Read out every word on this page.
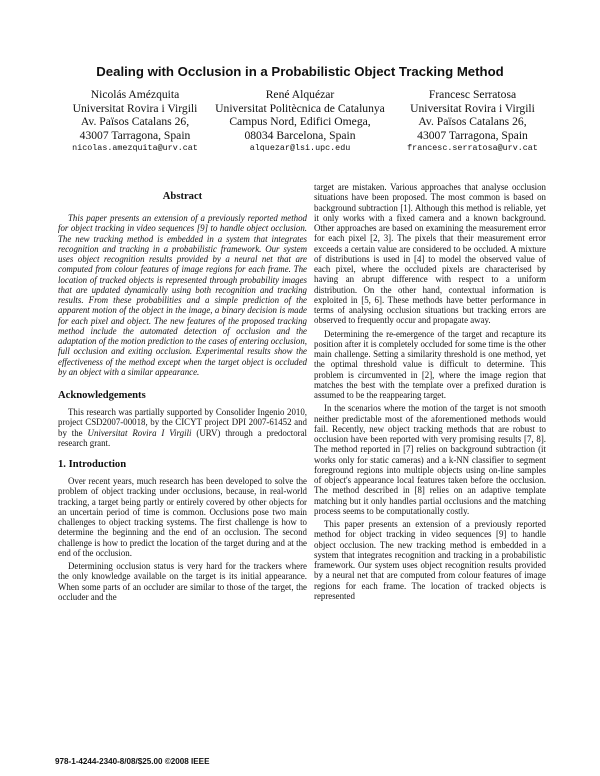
Dealing with Occlusion in a Probabilistic Object Tracking Method
Nicolás Amézquita
Universitat Rovira i Virgili
Av. Països Catalans 26,
43007 Tarragona, Spain
nicolas.amezquita@urv.cat
René Alquézar
Universitat Politècnica de Catalunya
Campus Nord, Edifici Omega,
08034 Barcelona, Spain
alquezar@lsi.upc.edu
Francesc Serratosa
Universitat Rovira i Virgili
Av. Països Catalans 26,
43007 Tarragona, Spain
francesc.serratosa@urv.cat
Abstract
This paper presents an extension of a previously reported method for object tracking in video sequences [9] to handle object occlusion. The new tracking method is embedded in a system that integrates recognition and tracking in a probabilistic framework. Our system uses object recognition results provided by a neural net that are computed from colour features of image regions for each frame. The location of tracked objects is represented through probability images that are updated dynamically using both recognition and tracking results. From these probabilities and a simple prediction of the apparent motion of the object in the image, a binary decision is made for each pixel and object. The new features of the proposed tracking method include the automated detection of occlusion and the adaptation of the motion prediction to the cases of entering occlusion, full occlusion and exiting occlusion. Experimental results show the effectiveness of the method except when the target object is occluded by an object with a similar appearance.
Acknowledgements
This research was partially supported by Consolider Ingenio 2010, project CSD2007-00018, by the CICYT project DPI 2007-61452 and by the Universitat Rovira I Virgili (URV) through a predoctoral research grant.
1. Introduction
Over recent years, much research has been developed to solve the problem of object tracking under occlusions, because, in real-world tracking, a target being partly or entirely covered by other objects for an uncertain period of time is common. Occlusions pose two main challenges to object tracking systems. The first challenge is how to determine the beginning and the end of an occlusion. The second challenge is how to predict the location of the target during and at the end of the occlusion.
Determining occlusion status is very hard for the trackers where the only knowledge available on the target is its initial appearance. When some parts of an occluder are similar to those of the target, the occluder and the
target are mistaken. Various approaches that analyse occlusion situations have been proposed. The most common is based on background subtraction [1]. Although this method is reliable, yet it only works with a fixed camera and a known background. Other approaches are based on examining the measurement error for each pixel [2, 3]. The pixels that their measurement error exceeds a certain value are considered to be occluded. A mixture of distributions is used in [4] to model the observed value of each pixel, where the occluded pixels are characterised by having an abrupt difference with respect to a uniform distribution. On the other hand, contextual information is exploited in [5, 6]. These methods have better performance in terms of analysing occlusion situations but tracking errors are observed to frequently occur and propagate away.
Determining the re-emergence of the target and recapture its position after it is completely occluded for some time is the other main challenge. Setting a similarity threshold is one method, yet the optimal threshold value is difficult to determine. This problem is circumvented in [2], where the image region that matches the best with the template over a prefixed duration is assumed to be the reappearing target.
In the scenarios where the motion of the target is not smooth neither predictable most of the aforementioned methods would fail. Recently, new object tracking methods that are robust to occlusion have been reported with very promising results [7, 8]. The method reported in [7] relies on background subtraction (it works only for static cameras) and a k-NN classifier to segment foreground regions into multiple objects using on-line samples of object's appearance local features taken before the occlusion. The method described in [8] relies on an adaptive template matching but it only handles partial occlusions and the matching process seems to be computationally costly.
This paper presents an extension of a previously reported method for object tracking in video sequences [9] to handle object occlusion. The new tracking method is embedded in a system that integrates recognition and tracking in a probabilistic framework. Our system uses object recognition results provided by a neural net that are computed from colour features of image regions for each frame. The location of tracked objects is represented
978-1-4244-2340-8/08/$25.00 ©2008 IEEE
